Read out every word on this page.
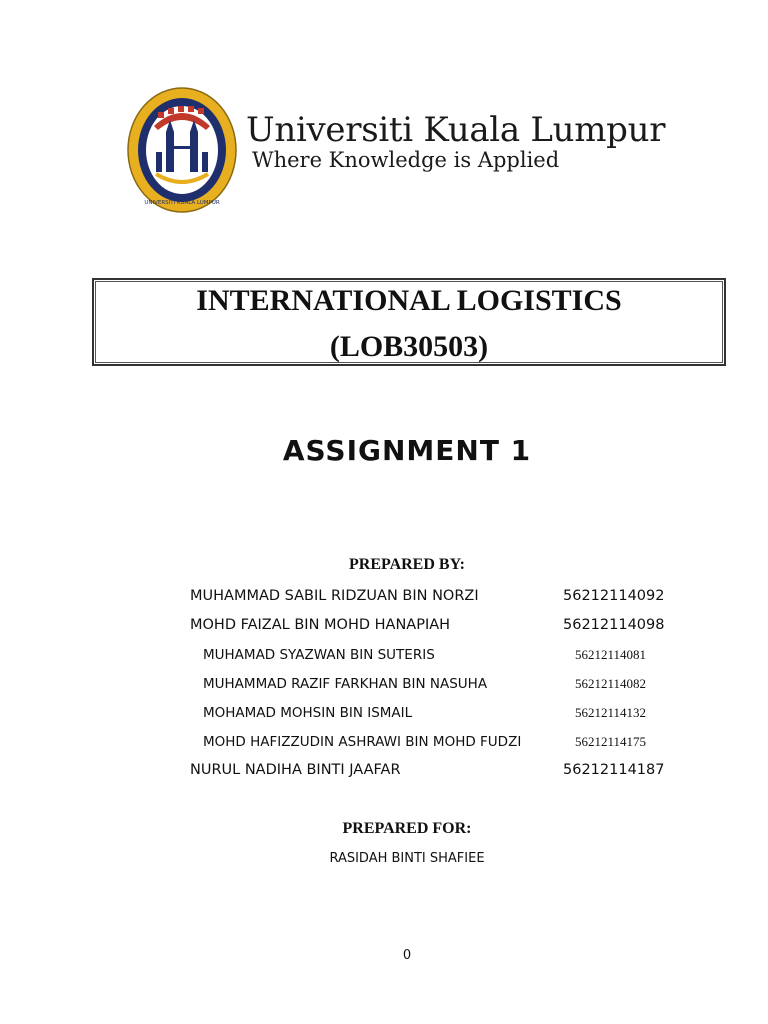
UNIVERSITI KUALA LUMPUR
Universiti Kuala Lumpur
Where Knowledge is Applied
INTERNATIONAL LOGISTICS
(LOB30503)
ASSIGNMENT 1
PREPARED BY:
MUHAMMAD SABIL RIDZUAN BIN NORZI	56212114092
MOHD FAIZAL BIN MOHD HANAPIAH	56212114098
MUHAMAD SYAZWAN BIN SUTERIS	56212114081
MUHAMMAD RAZIF FARKHAN BIN NASUHA	56212114082
MOHAMAD MOHSIN BIN ISMAIL	56212114132
MOHD HAFIZZUDIN ASHRAWI BIN MOHD FUDZI	56212114175
NURUL NADIHA BINTI JAAFAR	56212114187
PREPARED FOR:
RASIDAH BINTI SHAFIEE
0
